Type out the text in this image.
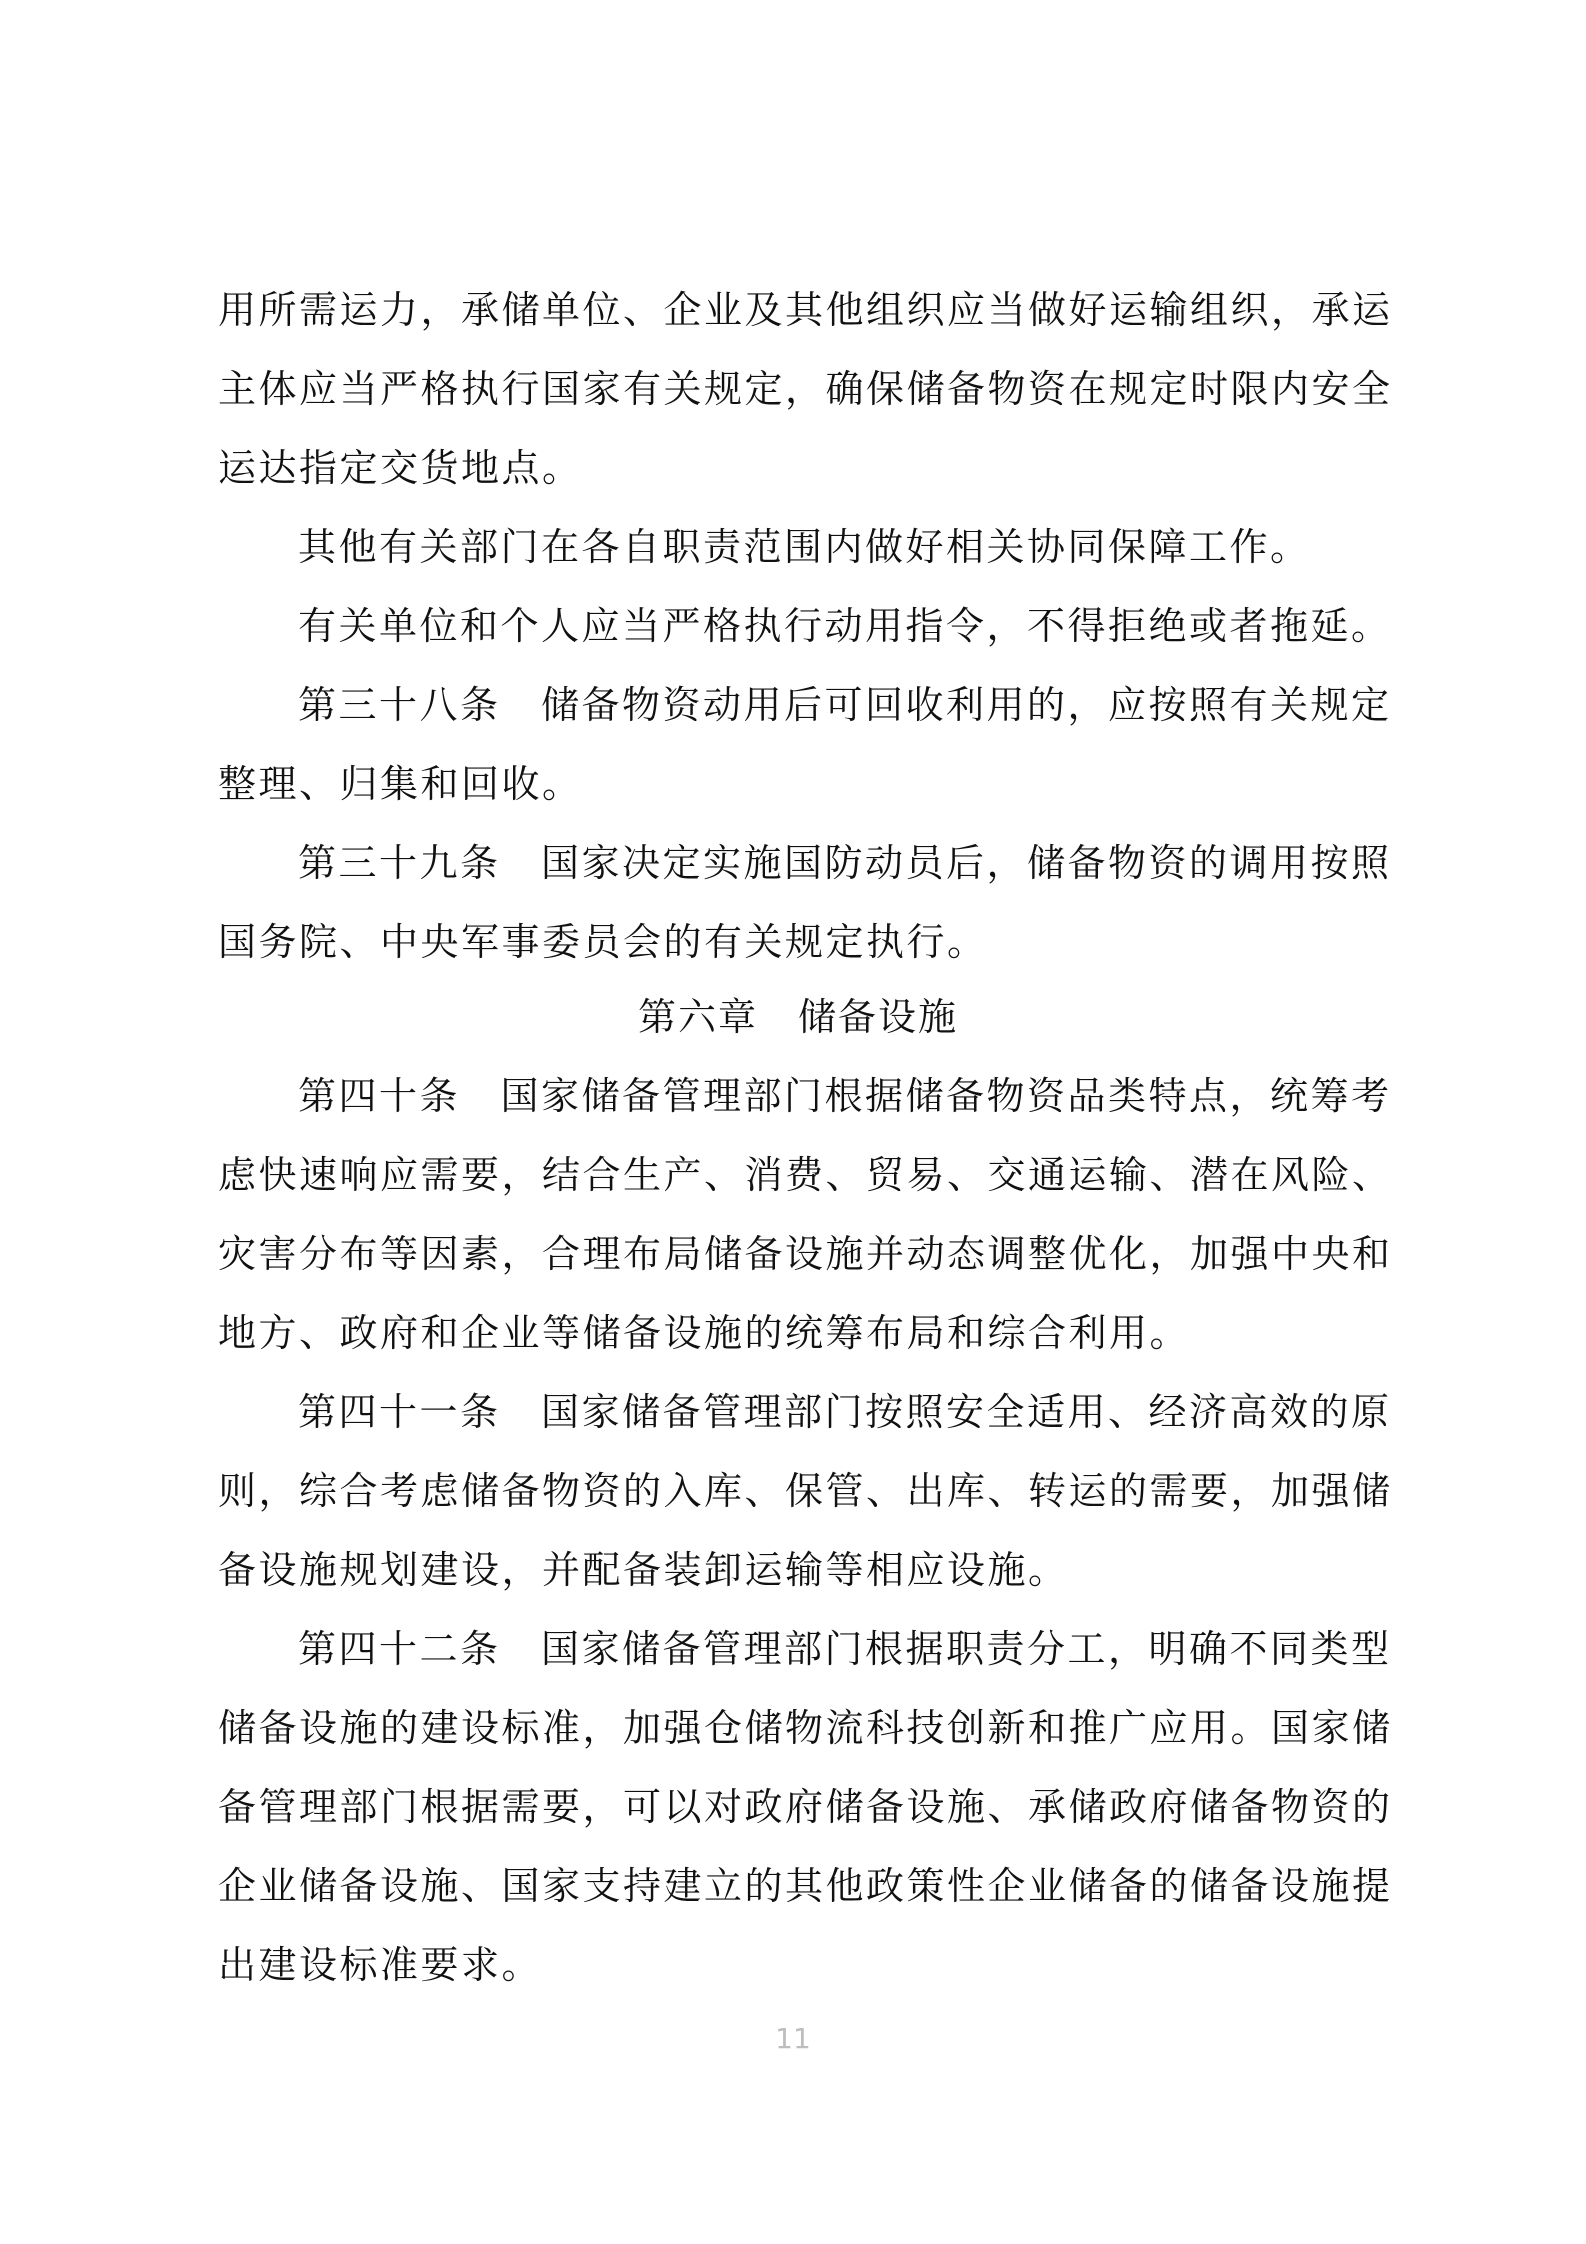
用所需运力，承储单位、企业及其他组织应当做好运输组织，承运
主体应当严格执行国家有关规定，确保储备物资在规定时限内安全
运达指定交货地点。
其他有关部门在各自职责范围内做好相关协同保障工作。
有关单位和个人应当严格执行动用指令，不得拒绝或者拖延。
第三十八条　储备物资动用后可回收利用的，应按照有关规定
整理、归集和回收。
第三十九条　国家决定实施国防动员后，储备物资的调用按照
国务院、中央军事委员会的有关规定执行。
第六章　储备设施
第四十条　国家储备管理部门根据储备物资品类特点，统筹考
虑快速响应需要，结合生产、消费、贸易、交通运输、潜在风险、
灾害分布等因素，合理布局储备设施并动态调整优化，加强中央和
地方、政府和企业等储备设施的统筹布局和综合利用。
第四十一条　国家储备管理部门按照安全适用、经济高效的原
则，综合考虑储备物资的入库、保管、出库、转运的需要，加强储
备设施规划建设，并配备装卸运输等相应设施。
第四十二条　国家储备管理部门根据职责分工，明确不同类型
储备设施的建设标准，加强仓储物流科技创新和推广应用。国家储
备管理部门根据需要，可以对政府储备设施、承储政府储备物资的
企业储备设施、国家支持建立的其他政策性企业储备的储备设施提
出建设标准要求。
11
